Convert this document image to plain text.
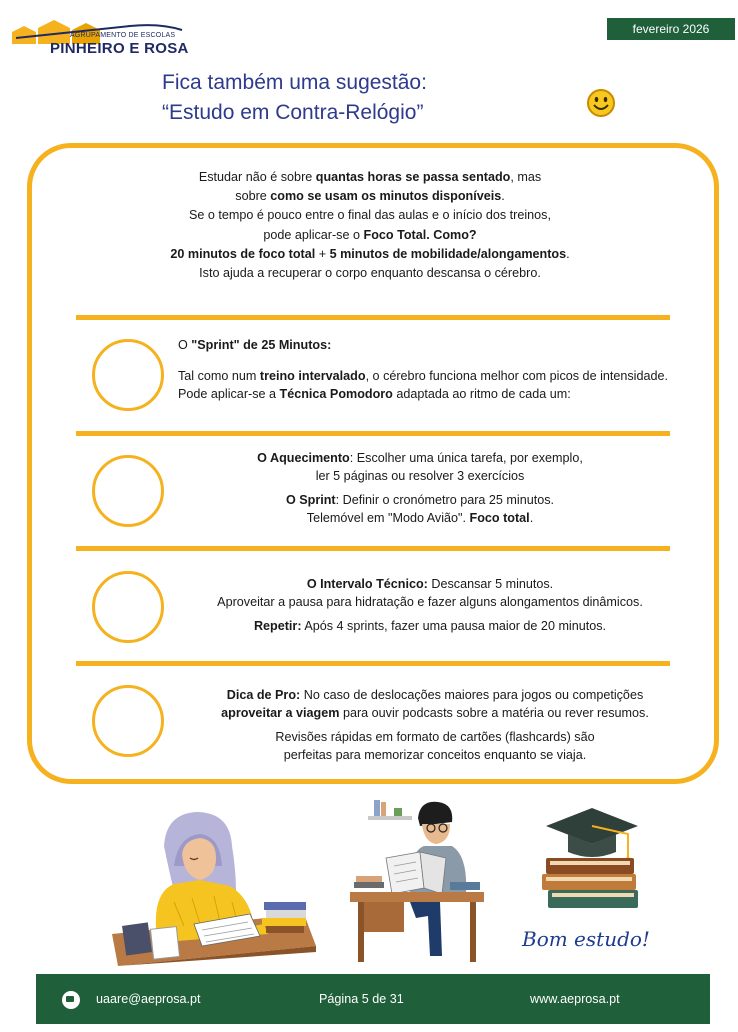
AGRUPAMENTO DE ESCOLAS
PINHEIRO E ROSA
fevereiro 2026
Fica também uma sugestão:
“Estudo em Contra-Relógio”
Estudar não é sobre quantas horas se passa sentado, mas
sobre como se usam os minutos disponíveis.
Se o tempo é pouco entre o final das aulas e o início dos treinos,
pode aplicar-se o Foco Total. Como?
20 minutos de foco total + 5 minutos de mobilidade/alongamentos.
Isto ajuda a recuperar o corpo enquanto descansa o cérebro.
O "Sprint" de 25 Minutos:
Tal como num treino intervalado, o cérebro funciona melhor com picos de intensidade. Pode aplicar-se a Técnica Pomodoro adaptada ao ritmo de cada um:

O Aquecimento: Escolher uma única tarefa, por exemplo,
ler 5 páginas ou resolver 3 exercícios

O Sprint: Definir o cronómetro para 25 minutos.
Telemóvel em "Modo Avião". Foco total.

O Intervalo Técnico: Descansar 5 minutos.
Aproveitar a pausa para hidratação e fazer alguns alongamentos dinâmicos.

Repetir: Após 4 sprints, fazer uma pausa maior de 20 minutos.

Dica de Pro: No caso de deslocações maiores para jogos ou competições
aproveitar a viagem para ouvir podcasts sobre a matéria ou rever resumos.

Revisões rápidas em formato de cartões (flashcards) são
perfeitas para memorizar conceitos enquanto se viaja.

Bom estudo!
uaare@aeprosa.pt	Página 5 de 31	www.aeprosa.pt
